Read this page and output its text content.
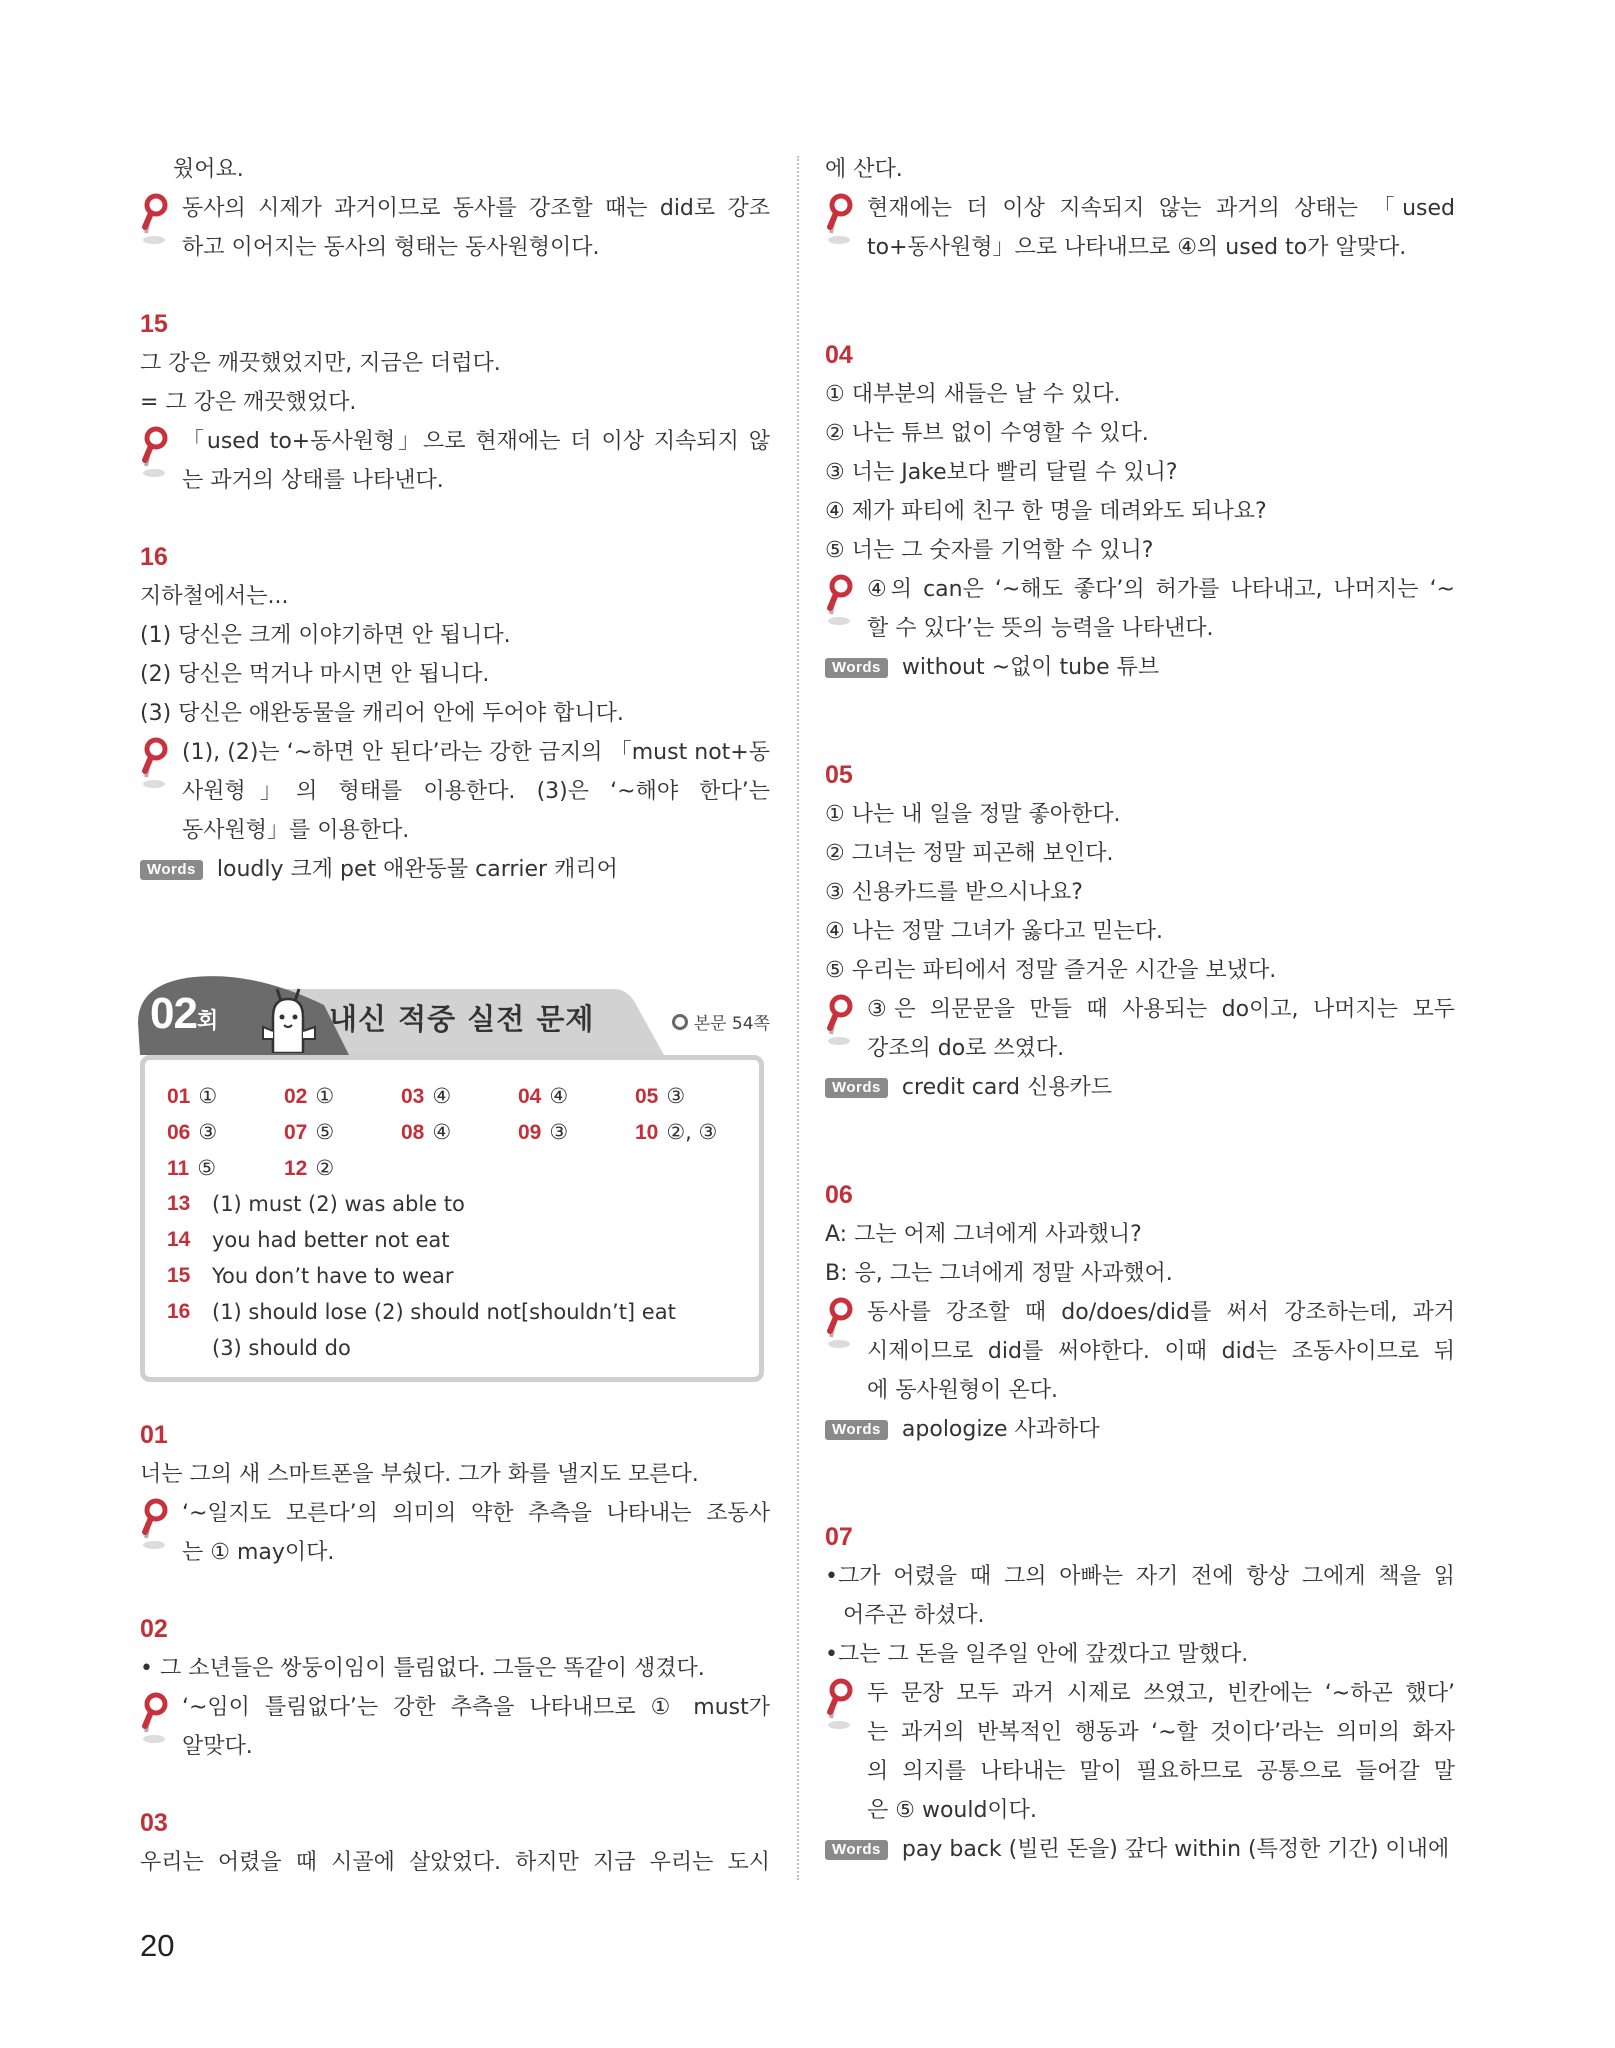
웠어요.
동사의 시제가 과거이므로 동사를 강조할 때는 did로 강조
하고 이어지는 동사의 형태는 동사원형이다.
15
그 강은 깨끗했었지만, 지금은 더럽다.
= 그 강은 깨끗했었다.
「used to+동사원형」으로 현재에는 더 이상 지속되지 않
는 과거의 상태를 나타낸다.
16
지하철에서는...
(1) 당신은 크게 이야기하면 안 됩니다.
(2) 당신은 먹거나 마시면 안 됩니다.
(3) 당신은 애완동물을 캐리어 안에 두어야 합니다.
(1), (2)는 ‘~하면 안 된다’라는 강한 금지의 「must not+동
사원형」의 형태를 이용한다. (3)은 ‘~해야 한다’는
동사원형」를 이용한다.
Words loudly 크게 pet 애완동물 carrier 캐리어
02회	내신 적중 실전 문제	본문 54쪽
01 ①	02 ①	03 ④	04 ④	05 ③
06 ③	07 ⑤	08 ④	09 ③	10 ②, ③
11 ⑤	12 ②
13	(1) must (2) was able to
14	you had better not eat
15	You don’t have to wear
16	(1) should lose (2) should not[shouldn’t] eat
(3) should do
01
너는 그의 새 스마트폰을 부쉈다. 그가 화를 낼지도 모른다.
‘~일지도 모른다’의 의미의 약한 추측을 나타내는 조동사
는 ① may이다.
02
• 그 소년들은 쌍둥이임이 틀림없다. 그들은 똑같이 생겼다.
‘~임이 틀림없다’는 강한 추측을 나타내므로 ① must가
알맞다.
03
우리는 어렸을 때 시골에 살았었다. 하지만 지금 우리는 도시
에 산다.
현재에는 더 이상 지속되지 않는 과거의 상태는 「used
to+동사원형」으로 나타내므로 ④의 used to가 알맞다.
04
① 대부분의 새들은 날 수 있다.
② 나는 튜브 없이 수영할 수 있다.
③ 너는 Jake보다 빨리 달릴 수 있니?
④ 제가 파티에 친구 한 명을 데려와도 되나요?
⑤ 너는 그 숫자를 기억할 수 있니?
④의 can은 ‘~해도 좋다’의 허가를 나타내고, 나머지는 ‘~
할 수 있다’는 뜻의 능력을 나타낸다.
Words without ~없이 tube 튜브
05
① 나는 내 일을 정말 좋아한다.
② 그녀는 정말 피곤해 보인다.
③ 신용카드를 받으시나요?
④ 나는 정말 그녀가 옳다고 믿는다.
⑤ 우리는 파티에서 정말 즐거운 시간을 보냈다.
③은 의문문을 만들 때 사용되는 do이고, 나머지는 모두
강조의 do로 쓰였다.
Words credit card 신용카드
06
A: 그는 어제 그녀에게 사과했니?
B: 응, 그는 그녀에게 정말 사과했어.
동사를 강조할 때 do/does/did를 써서 강조하는데, 과거
시제이므로 did를 써야한다. 이때 did는 조동사이므로 뒤
에 동사원형이 온다.
Words apologize 사과하다
07
•그가 어렸을 때 그의 아빠는 자기 전에 항상 그에게 책을 읽
어주곤 하셨다.
•그는 그 돈을 일주일 안에 갚겠다고 말했다.
두 문장 모두 과거 시제로 쓰였고, 빈칸에는 ‘~하곤 했다’
는 과거의 반복적인 행동과 ‘~할 것이다’라는 의미의 화자
의 의지를 나타내는 말이 필요하므로 공통으로 들어갈 말
은 ⑤ would이다.
Words pay back (빌린 돈을) 갚다 within (특정한 기간) 이내에
20
